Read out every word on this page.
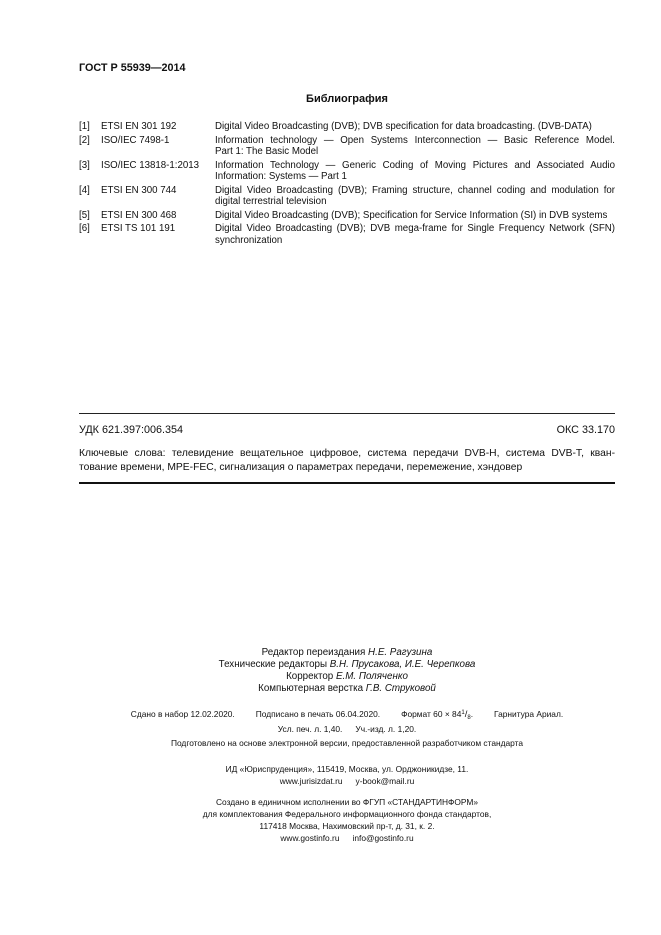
ГОСТ Р 55939—2014
Библиография
[1]	ETSI EN 301 192	Digital Video Broadcasting (DVB); DVB specification for data broadcasting. (DVB-DATA)
[2]	ISO/IEC 7498-1	Information technology — Open Systems Interconnection — Basic Reference Model.
Part 1: The Basic Model
[3]	ISO/IEC 13818-1:2013	Information Technology — Generic Coding of Moving Pictures and Associated Audio
Information: Systems — Part 1
[4]	ETSI EN 300 744	Digital Video Broadcasting (DVB); Framing structure, channel coding and modulation for
digital terrestrial television
[5]	ETSI EN 300 468	Digital Video Broadcasting (DVB); Specification for Service Information (SI) in DVB systems
[6]	ETSI TS 101 191	Digital Video Broadcasting (DVB); DVB mega-frame for Single Frequency Network (SFN)
synchronization
УДК 621.397:006.354	ОКС 33.170
Ключевые слова: телевидение вещательное цифровое, система передачи DVB-H, система DVB-T, кван-
тование времени, MPE-FEC, сигнализация о параметрах передачи, перемежение, хэндовер
Редактор переиздания Н.Е. Рагузина
Технические редакторы В.Н. Прусакова, И.Е. Черепкова
Корректор Е.М. Поляченко
Компьютерная верстка Г.В. Струковой
Сдано в набор 12.02.2020.	Подписано в печать 06.04.2020.	Формат $60 \times 84^1/_8$.	Гарнитура Ариал.
Усл. печ. л. 1,40. Уч.-изд. л. 1,20.
Подготовлено на основе электронной версии, предоставленной разработчиком стандарта
ИД «Юриспруденция», 115419, Москва, ул. Орджоникидзе, 11.
www.jurisizdat.ru y-book@mail.ru
Создано в единичном исполнении во ФГУП «СТАНДАРТИНФОРМ»
для комплектования Федерального информационного фонда стандартов,
117418 Москва, Нахимовский пр-т, д. 31, к. 2.
www.gostinfo.ru info@gostinfo.ru
